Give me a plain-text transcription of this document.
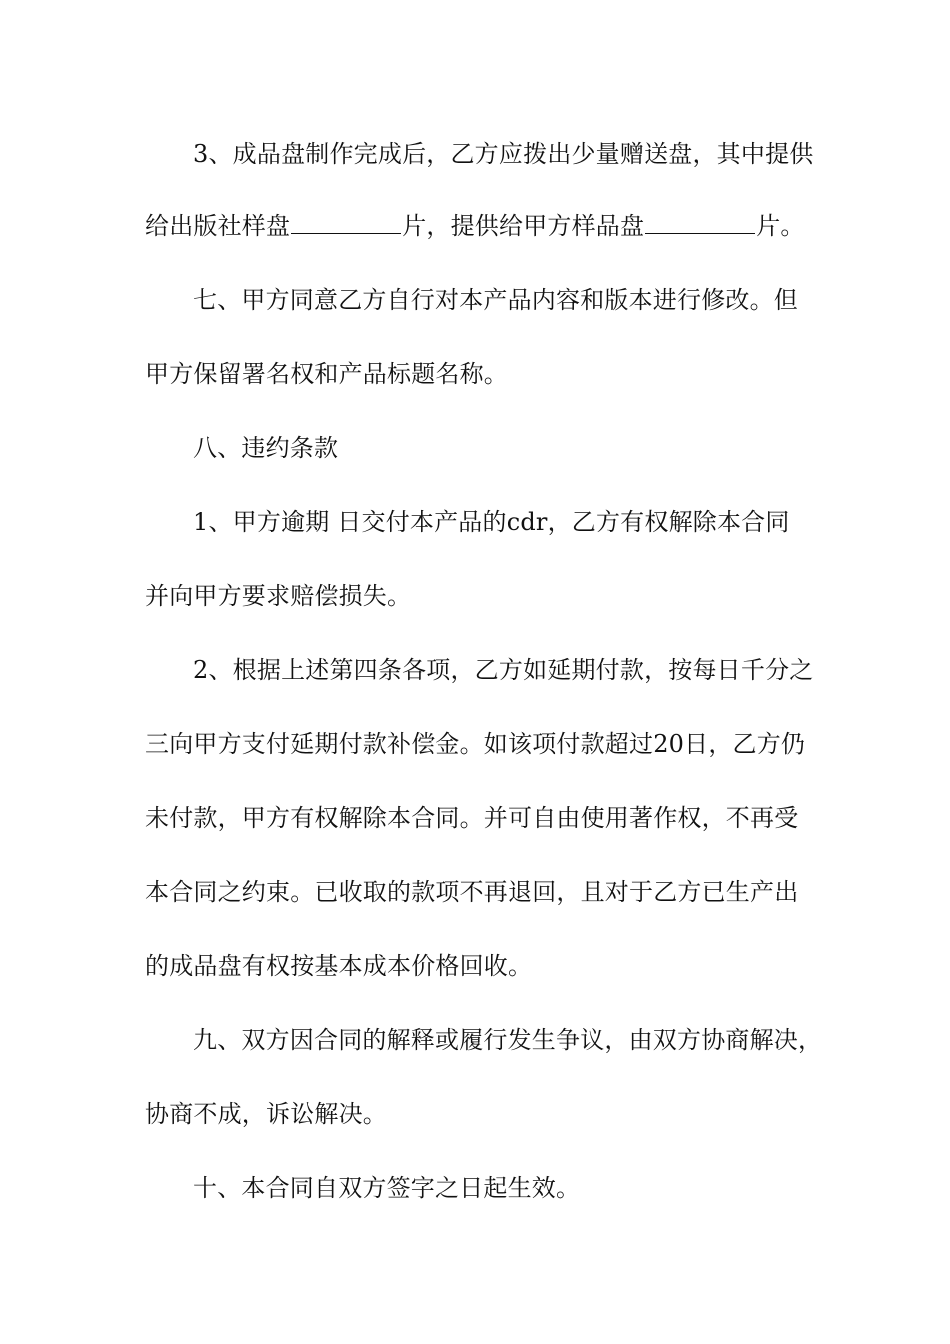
3、成品盘制作完成后，乙方应拨出少量赠送盘，其中提供
给出版社样盘	片，提供给甲方样品盘	片。
七、甲方同意乙方自行对本产品内容和版本进行修改。但
甲方保留署名权和产品标题名称。
八、违约条款
1、甲方逾期 日交付本产品的cdr，乙方有权解除本合同
并向甲方要求赔偿损失。
2、根据上述第四条各项，乙方如延期付款，按每日千分之
三向甲方支付延期付款补偿金。如该项付款超过20日，乙方仍
未付款，甲方有权解除本合同。并可自由使用著作权，不再受
本合同之约束。已收取的款项不再退回，且对于乙方已生产出
的成品盘有权按基本成本价格回收。
九、双方因合同的解释或履行发生争议，由双方协商解决，
协商不成，诉讼解决。
十、本合同自双方签字之日起生效。
